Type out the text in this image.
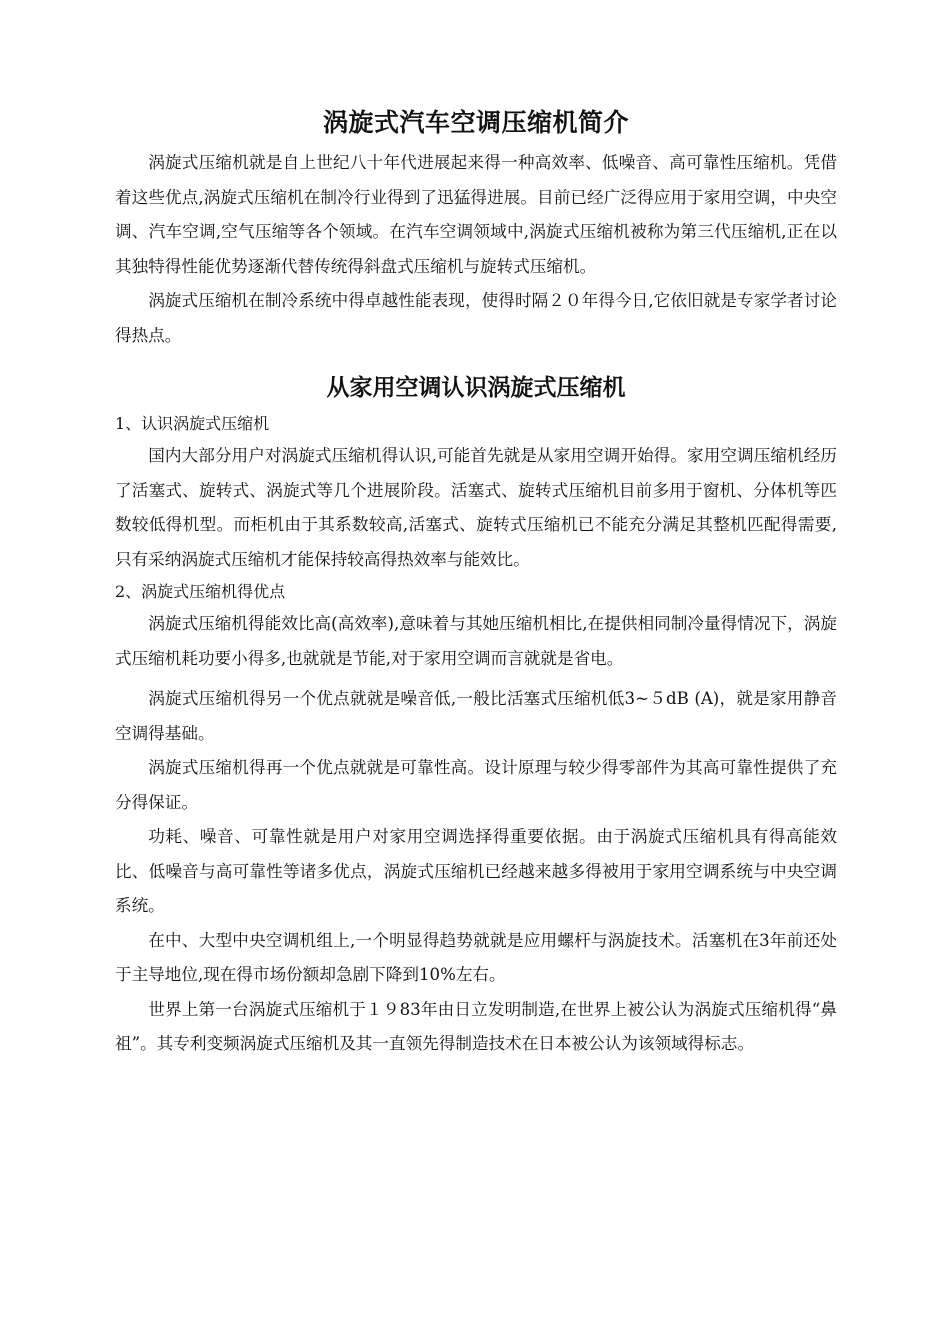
涡旋式汽车空调压缩机简介

涡旋式压缩机就是自上世纪八十年代进展起来得一种高效率、低噪音、高可靠性压缩机。凭借着这些优点,涡旋式压缩机在制冷行业得到了迅猛得进展。目前已经广泛得应用于家用空调，中央空调、汽车空调,空气压缩等各个领域。在汽车空调领域中,涡旋式压缩机被称为第三代压缩机,正在以其独特得性能优势逐渐代替传统得斜盘式压缩机与旋转式压缩机。

涡旋式压缩机在制冷系统中得卓越性能表现，使得时隔２０年得今日,它依旧就是专家学者讨论得热点。

从家用空调认识涡旋式压缩机

1、认识涡旋式压缩机

国内大部分用户对涡旋式压缩机得认识,可能首先就是从家用空调开始得。家用空调压缩机经历了活塞式、旋转式、涡旋式等几个进展阶段。活塞式、旋转式压缩机目前多用于窗机、分体机等匹数较低得机型。而柜机由于其系数较高,活塞式、旋转式压缩机已不能充分满足其整机匹配得需要,只有采纳涡旋式压缩机才能保持较高得热效率与能效比。

2、涡旋式压缩机得优点

涡旋式压缩机得能效比高(高效率),意味着与其她压缩机相比,在提供相同制冷量得情况下，涡旋式压缩机耗功要小得多,也就就是节能,对于家用空调而言就就是省电。

涡旋式压缩机得另一个优点就就是噪音低,一般比活塞式压缩机低3~５dB (A)，就是家用静音空调得基础。

涡旋式压缩机得再一个优点就就是可靠性高。设计原理与较少得零部件为其高可靠性提供了充分得保证。

功耗、噪音、可靠性就是用户对家用空调选择得重要依据。由于涡旋式压缩机具有得高能效比、低噪音与高可靠性等诸多优点，涡旋式压缩机已经越来越多得被用于家用空调系统与中央空调系统。

在中、大型中央空调机组上,一个明显得趋势就就是应用螺杆与涡旋技术。活塞机在3年前还处于主导地位,现在得市场份额却急剧下降到10%左右。

世界上第一台涡旋式压缩机于１９83年由日立发明制造,在世界上被公认为涡旋式压缩机得“鼻祖”。其专利变频涡旋式压缩机及其一直领先得制造技术在日本被公认为该领域得标志。
